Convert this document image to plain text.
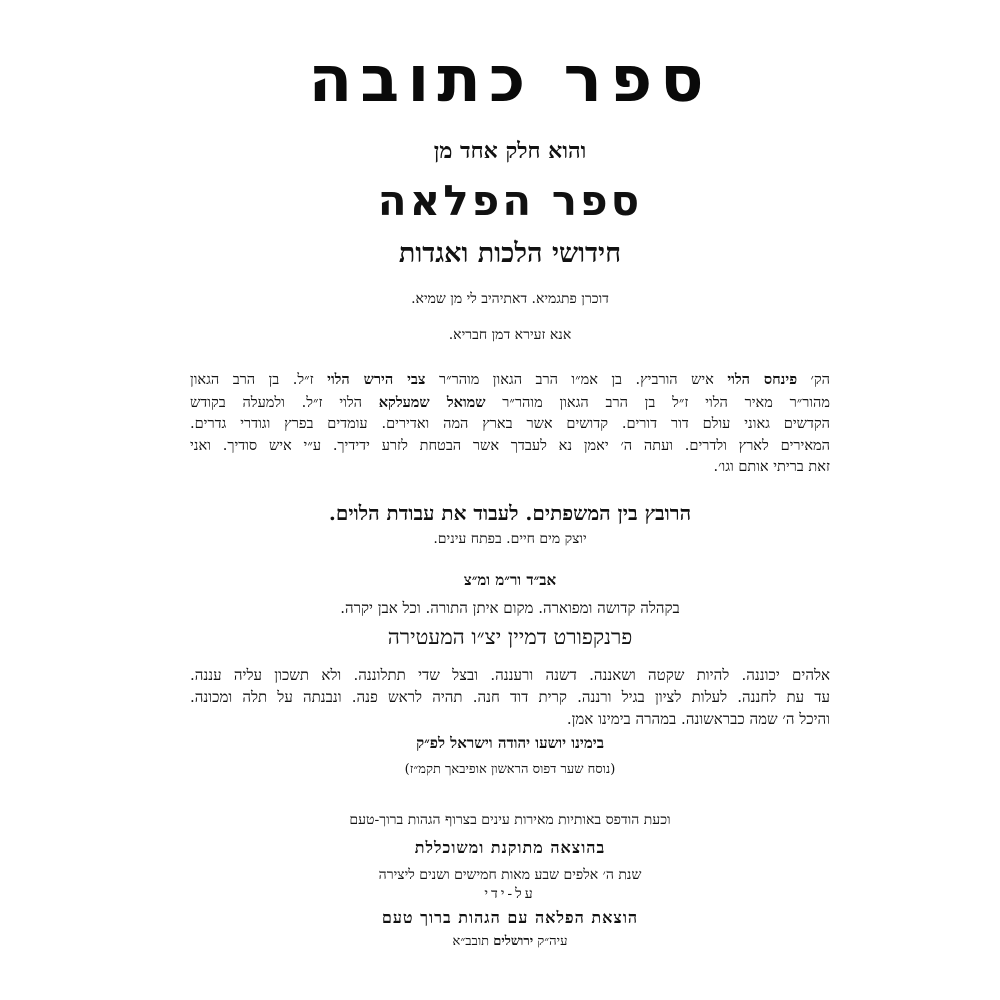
ספר כתובה
והוא חלק אחד מן
ספר הפלאה
חידושי הלכות ואגדות
דוכרן פתגמיא. דאתיהיב לי מן שמיא.
אנא זעירא דמן חבריא.
הק׳ פינחס הלוי איש הורביץ. בן אמ״ו הרב הגאון מוהר״ר צבי הירש הלוי ז״ל. בן הרב הגאון
מהור״ר מאיר הלוי ז״ל בן הרב הגאון מוהר״ר שמואל שמעלקא הלוי ז״ל. ולמעלה בקודש
הקדשים גאוני עולם דור דורים. קדושים אשר בארץ המה ואדירים. עומדים בפרץ וגודרי גדרים.
המאירים לארץ ולדרים. ועתה ה׳ יאמן נא לעבדך אשר הבטחת לזרע ידידיך. ע״י איש סודיך. ואני
זאת בריתי אותם וגו׳.
הרובץ בין המשפתים. לעבוד את עבודת הלוים.
יוצק מים חיים. בפתח עינים.
אב״ד ור״מ ומ״צ
בקהלה קדושה ומפוארה. מקום איתן התורה. וכל אבן יקרה.
פרנקפורט דמיין יצ״ו המעטירה
אלהים יכוננה. להיות שקטה ושאננה. דשנה ורעננה. ובצל שדי תתלוננה. ולא תשכון עליה עננה.
עד עת לחננה. לעלות לציון בגיל ורננה. קרית דוד חנה. תהיה לראש פנה. ונבנתה על תלה ומכונה.
והיכל ה׳ שמה כבראשונה. במהרה בימינו אמן.
בימינו יושעו יהודה וישראל לפ״ק
(נוסח שער דפוס הראשון אופיבאך תקמ״ז)
וכעת הודפס באותיות מאירות עינים בצרוף הגהות ברוך-טעם
בהוצאה מתוקנת ומשוכללת
שנת ה׳ אלפים שבע מאות חמישים ושנים ליצירה
על-ידי
הוצאת הפלאה עם הגהות ברוך טעם
עיה״ק ירושלים תובב״א
